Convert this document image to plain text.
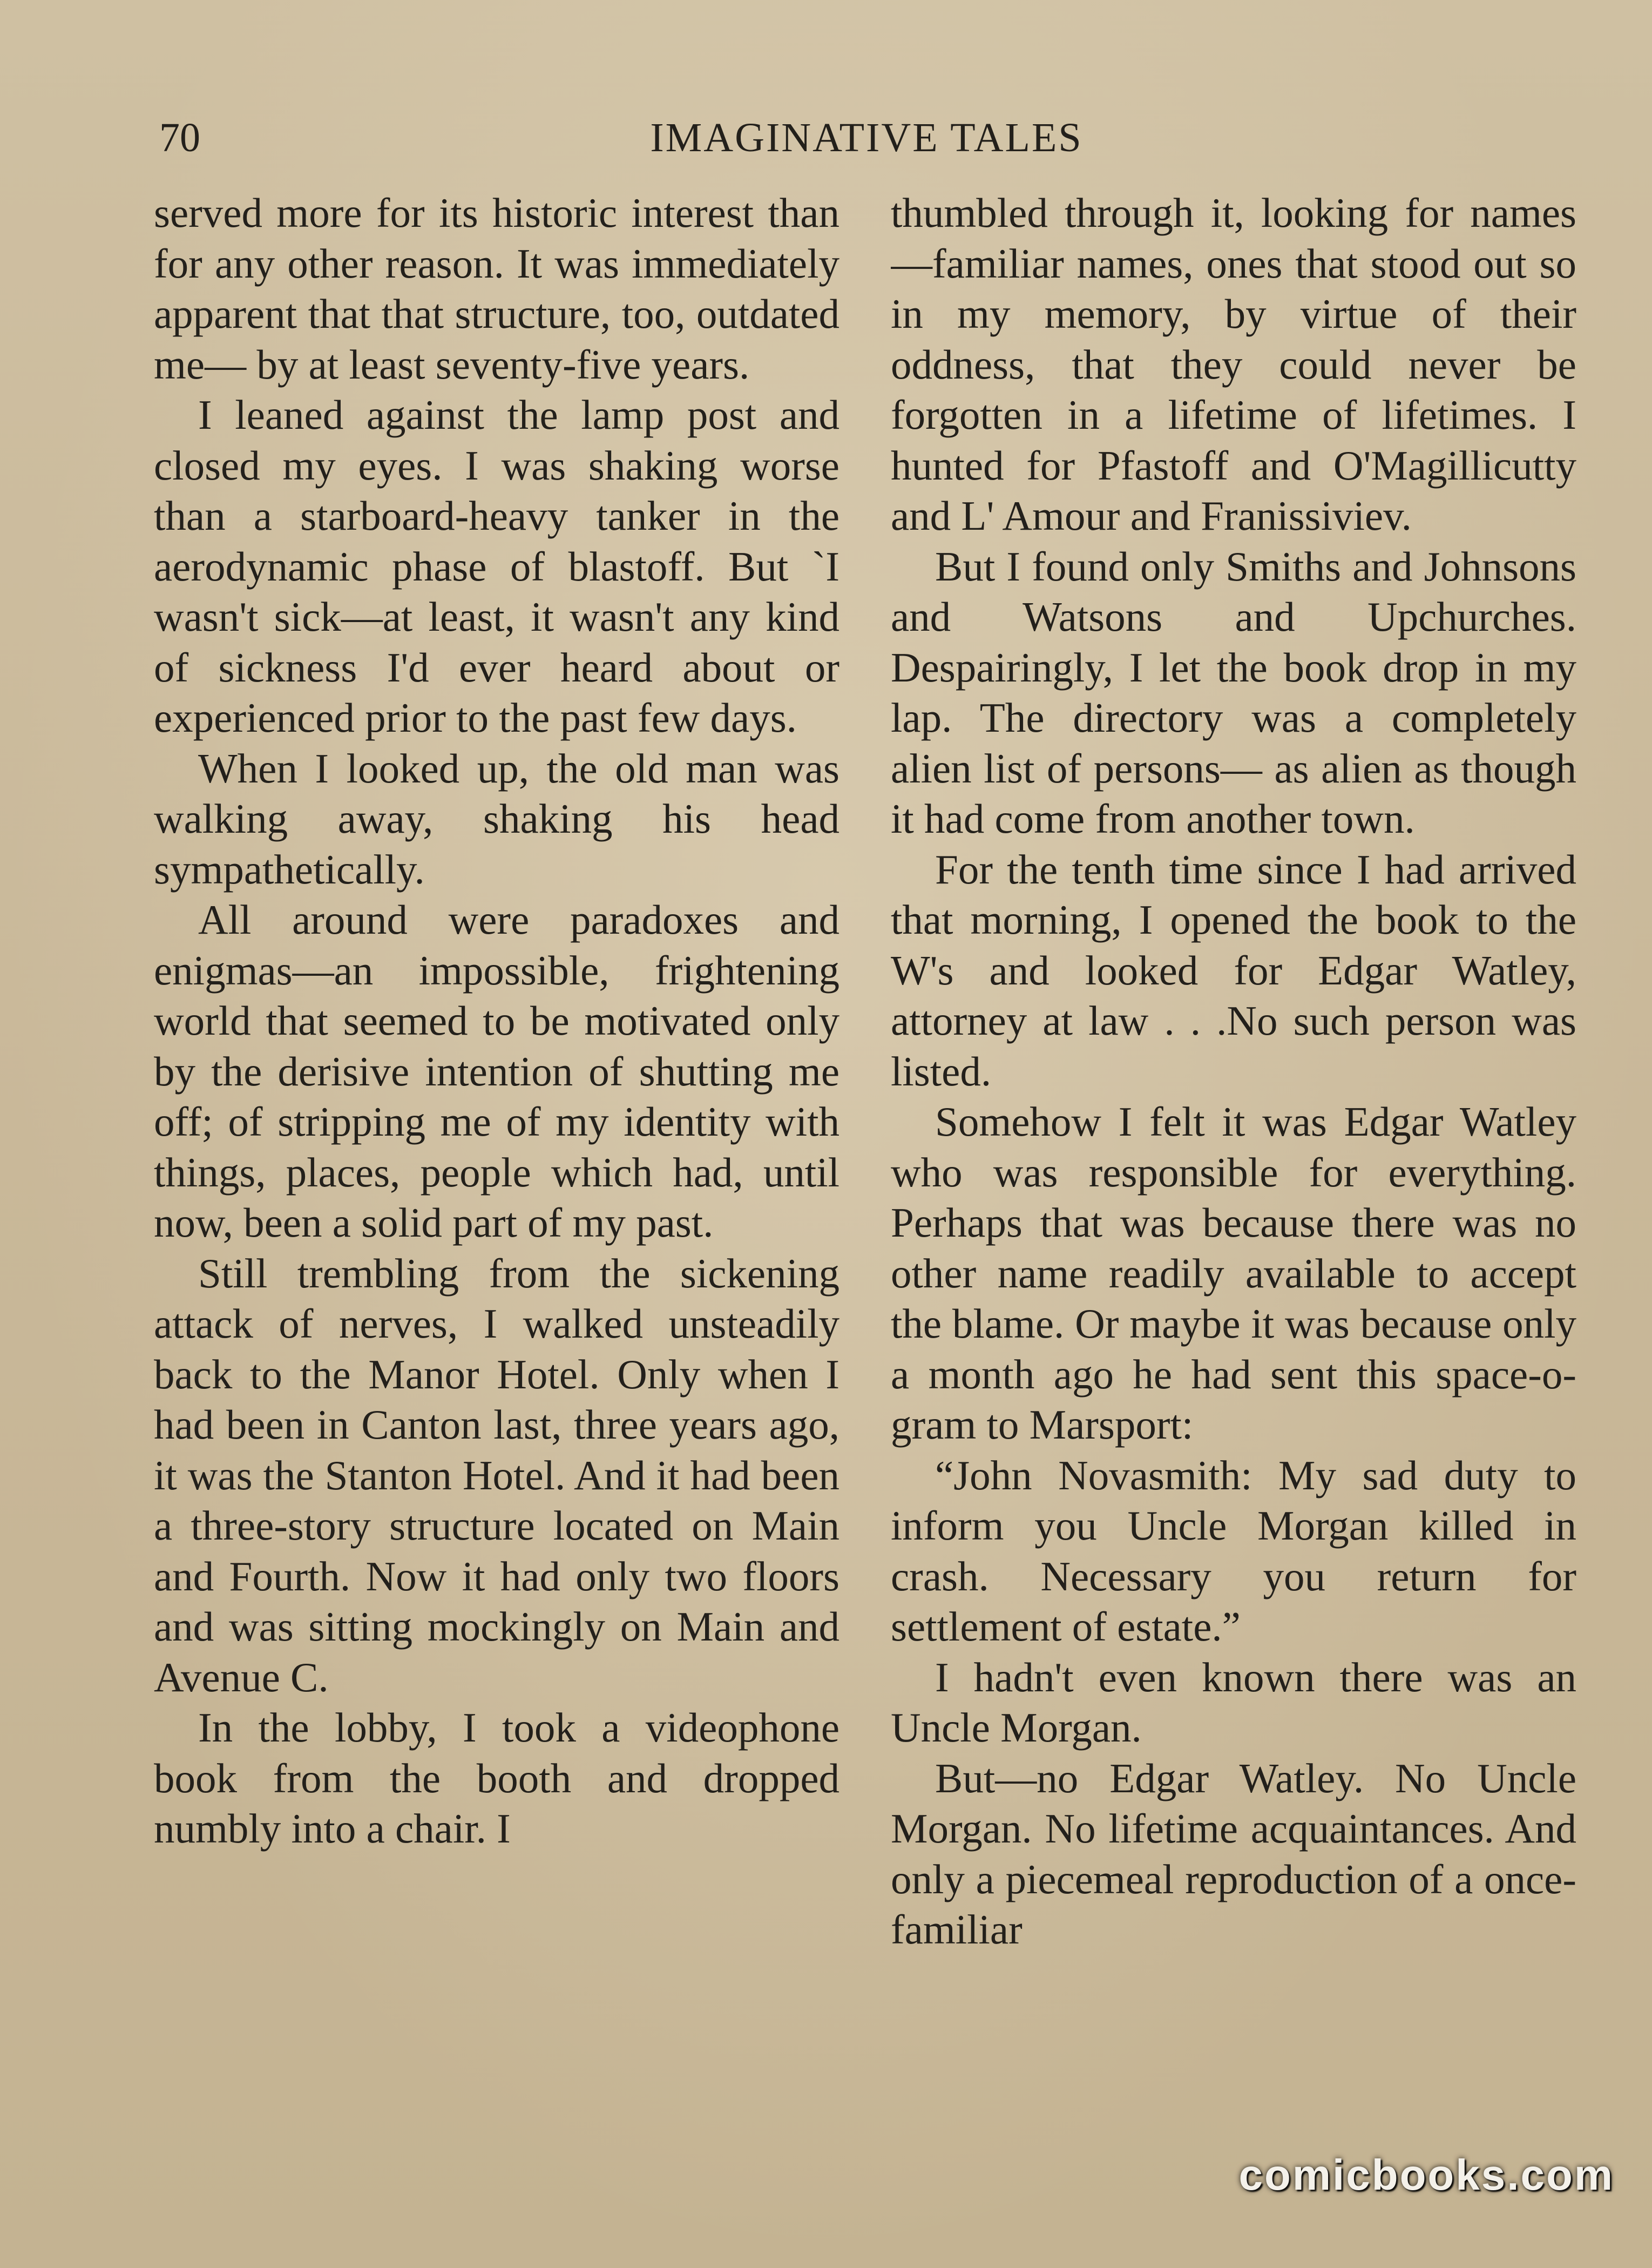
70	IMAGINATIVE TALES

served more for its historic interest than for any other reason. It was immediately apparent that that structure, too, outdated me— by at least seventy-five years.

I leaned against the lamp post and closed my eyes. I was shaking worse than a starboard-heavy tanker in the aerodynamic phase of blastoff. But `I wasn't sick—at least, it wasn't any kind of sickness I'd ever heard about or experienced prior to the past few days.

When I looked up, the old man was walking away, shaking his head sympathetically.

All around were paradoxes and enigmas—an impossible, frightening world that seemed to be motivated only by the derisive intention of shutting me off; of stripping me of my identity with things, places, people which had, until now, been a solid part of my past.

Still trembling from the sickening attack of nerves, I walked unsteadily back to the Manor Hotel. Only when I had been in Canton last, three years ago, it was the Stanton Hotel. And it had been a three-story structure located on Main and Fourth. Now it had only two floors and was sitting mockingly on Main and Avenue C.

In the lobby, I took a videophone book from the booth and dropped numbly into a chair. I

thumbled through it, looking for names—familiar names, ones that stood out so in my memory, by virtue of their oddness, that they could never be forgotten in a lifetime of lifetimes. I hunted for Pfastoff and O'Magillicutty and L' Amour and Franissiviev.

But I found only Smiths and Johnsons and Watsons and Upchurches. Despairingly, I let the book drop in my lap. The directory was a completely alien list of persons— as alien as though it had come from another town.

For the tenth time since I had arrived that morning, I opened the book to the W's and looked for Edgar Watley, attorney at law . . .No such person was listed.

Somehow I felt it was Edgar Watley who was responsible for everything. Perhaps that was because there was no other name readily available to accept the blame. Or maybe it was because only a month ago he had sent this space-o-gram to Marsport:

“John Novasmith: My sad duty to inform you Uncle Morgan killed in crash. Necessary you return for settlement of estate.”

I hadn't even known there was an Uncle Morgan.

But—no Edgar Watley. No Uncle Morgan. No lifetime acquaintances. And only a piecemeal reproduction of a once-familiar

comicbooks.com
